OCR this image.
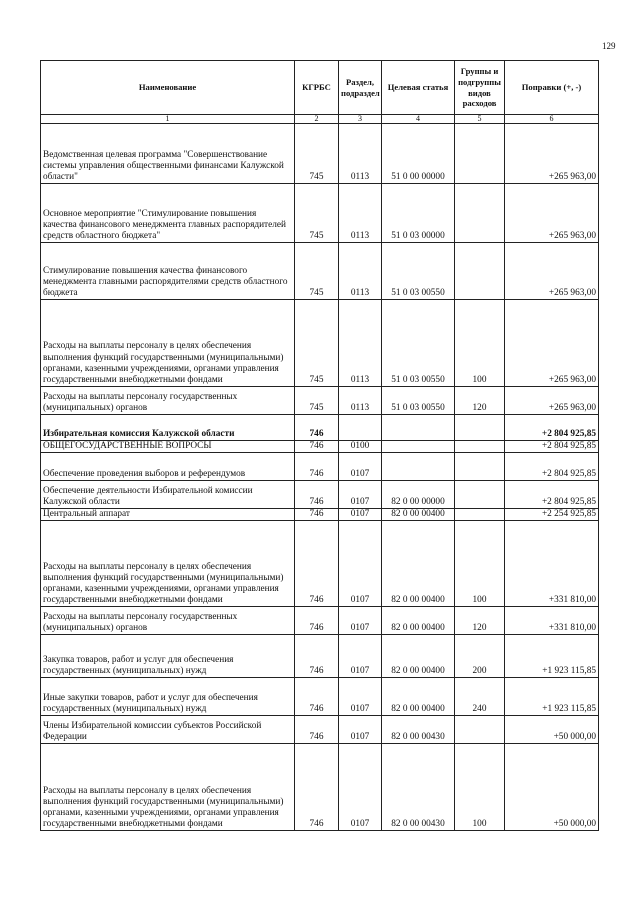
129
Наименование	КГРБС	Раздел, подраздел	Целевая статья	Группы и подгруппы видов расходов	Поправки (+, -)
1	2	3	4	5	6
Ведомственная целевая программа "Совершенствование системы управления общественными финансами Калужской области"	745	0113	51 0 00 00000		+265 963,00
Основное мероприятие "Стимулирование повышения качества финансового менеджмента главных распорядителей средств областного бюджета"	745	0113	51 0 03 00000		+265 963,00
Стимулирование повышения качества финансового менеджмента главными распорядителями средств областного бюджета	745	0113	51 0 03 00550		+265 963,00
Расходы на выплаты персоналу в целях обеспечения выполнения функций государственными (муниципальными) органами, казенными учреждениями, органами управления государственными внебюджетными фондами	745	0113	51 0 03 00550	100	+265 963,00
Расходы на выплаты персоналу государственных (муниципальных) органов	745	0113	51 0 03 00550	120	+265 963,00
Избирательная комиссия Калужской области	746				+2 804 925,85
ОБЩЕГОСУДАРСТВЕННЫЕ ВОПРОСЫ	746	0100			+2 804 925,85
Обеспечение проведения выборов и референдумов	746	0107			+2 804 925,85
Обеспечение деятельности Избирательной комиссии Калужской области	746	0107	82 0 00 00000		+2 804 925,85
Центральный аппарат	746	0107	82 0 00 00400		+2 254 925,85
Расходы на выплаты персоналу в целях обеспечения выполнения функций государственными (муниципальными) органами, казенными учреждениями, органами управления государственными внебюджетными фондами	746	0107	82 0 00 00400	100	+331 810,00
Расходы на выплаты персоналу государственных (муниципальных) органов	746	0107	82 0 00 00400	120	+331 810,00
Закупка товаров, работ и услуг для обеспечения государственных (муниципальных) нужд	746	0107	82 0 00 00400	200	+1 923 115,85
Иные закупки товаров, работ и услуг для обеспечения государственных (муниципальных) нужд	746	0107	82 0 00 00400	240	+1 923 115,85
Члены Избирательной комиссии субъектов Российской Федерации	746	0107	82 0 00 00430		+50 000,00
Расходы на выплаты персоналу в целях обеспечения выполнения функций государственными (муниципальными) органами, казенными учреждениями, органами управления государственными внебюджетными фондами	746	0107	82 0 00 00430	100	+50 000,00
